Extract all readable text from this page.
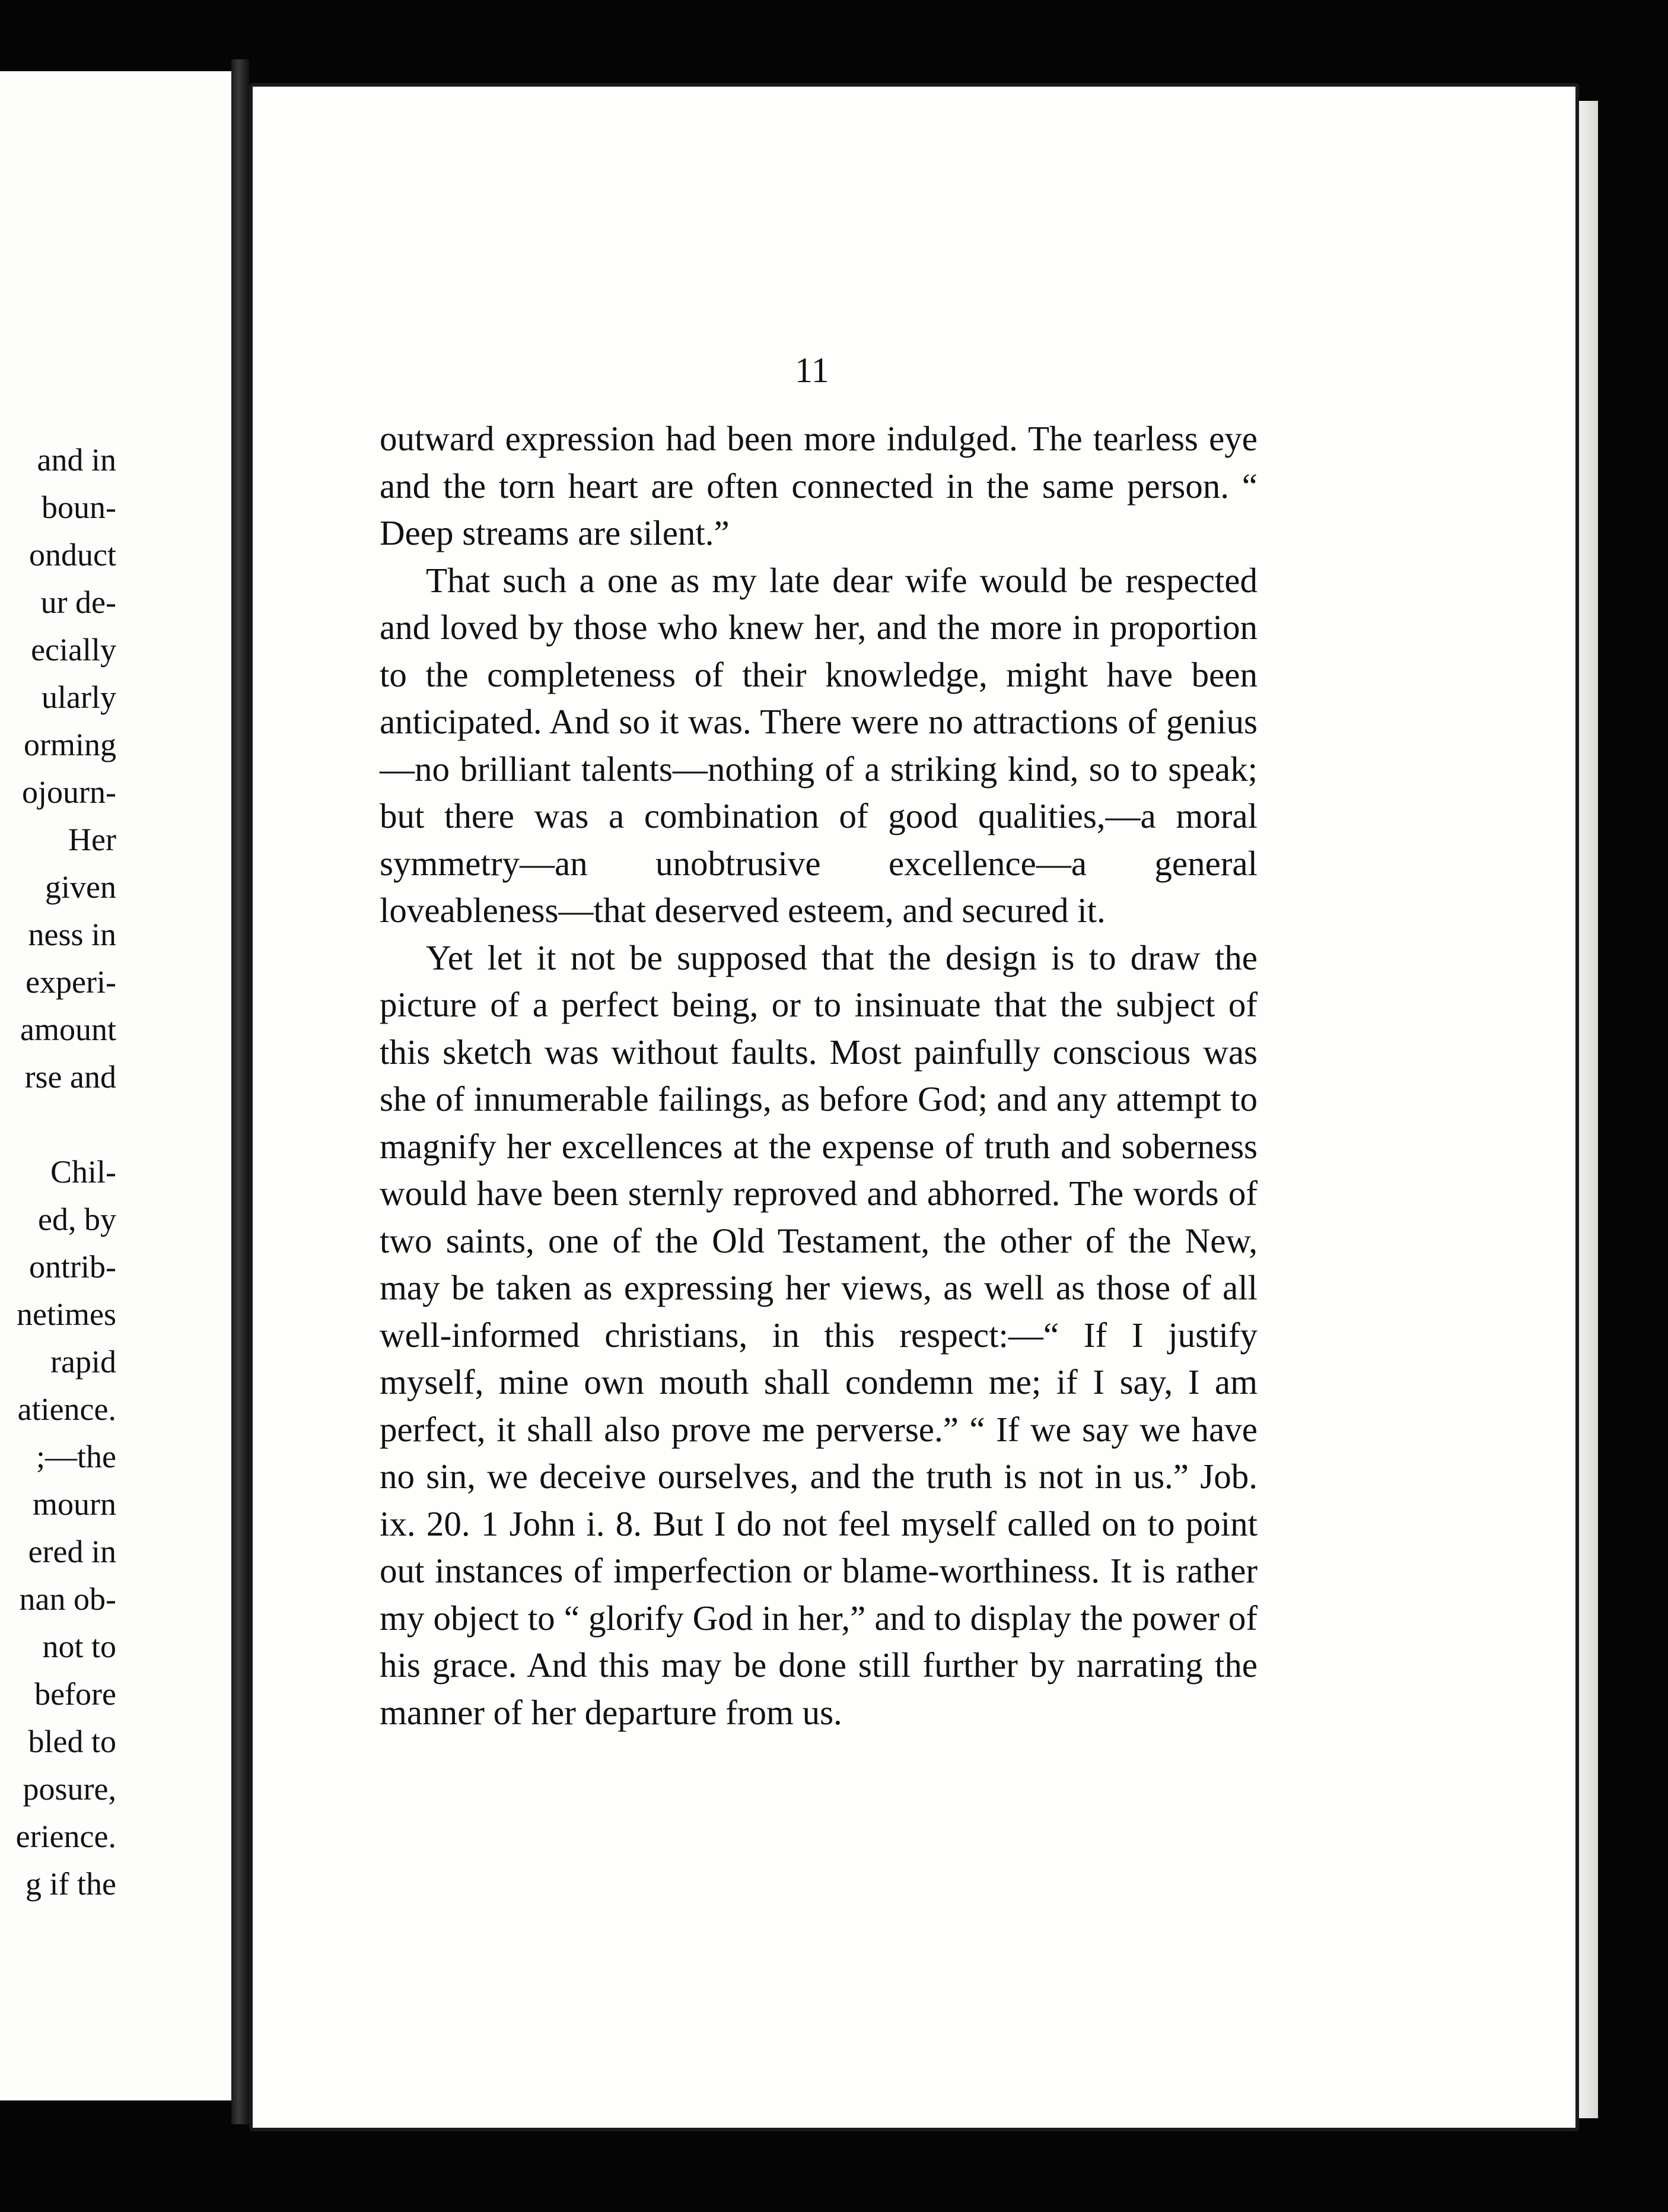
and in
boun-
onduct
ur de-
ecially
ularly
orming
ojourn-
Her
given
ness in
experi-
amount
rse and
Chil-
ed, by
ontrib-
netimes
rapid
atience.
;—the
mourn
ered in
nan ob-
not to
before
bled to
posure,
erience.
g if the
11

outward expression had been more indulged. The tearless eye and the torn heart are often connected in the same person. “ Deep streams are silent.”

That such a one as my late dear wife would be respected and loved by those who knew her, and the more in proportion to the completeness of their knowledge, might have been anticipated. And so it was. There were no attractions of genius—no brilliant talents—nothing of a striking kind, so to speak; but there was a combination of good qualities,—a moral symmetry—an unobtrusive excellence—a general loveableness—that deserved esteem, and secured it.

Yet let it not be supposed that the design is to draw the picture of a perfect being, or to insinuate that the subject of this sketch was without faults. Most painfully conscious was she of innumerable failings, as before God; and any attempt to magnify her excellences at the expense of truth and soberness would have been sternly reproved and abhorred. The words of two saints, one of the Old Testament, the other of the New, may be taken as expressing her views, as well as those of all well-informed christians, in this respect:—“ If I justify myself, mine own mouth shall condemn me; if I say, I am perfect, it shall also prove me perverse.” “ If we say we have no sin, we deceive ourselves, and the truth is not in us.” Job. ix. 20. 1 John i. 8. But I do not feel myself called on to point out instances of imperfection or blame-worthiness. It is rather my object to “ glorify God in her,” and to display the power of his grace. And this may be done still further by narrating the manner of her departure from us.
